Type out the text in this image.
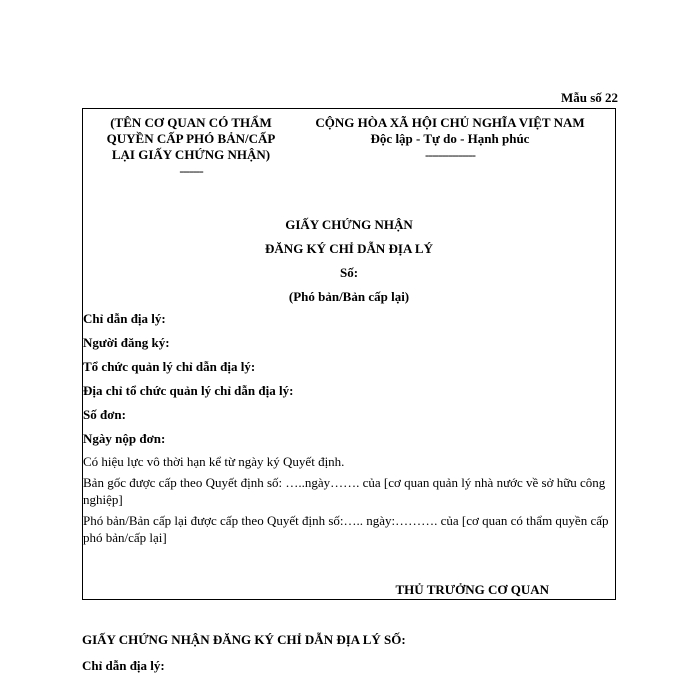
Mẫu số 22
(TÊN CƠ QUAN CÓ THẨM
QUYỀN CẤP PHÓ BẢN/CẤP
LẠI GIẤY CHỨNG NHẬN)
-------
CỘNG HÒA XÃ HỘI CHỦ NGHĨA VIỆT NAM
Độc lập - Tự do - Hạnh phúc
---------------
GIẤY CHỨNG NHẬN
ĐĂNG KÝ CHỈ DẪN ĐỊA LÝ
Số:
(Phó bản/Bản cấp lại)
Chỉ dẫn địa lý:
Người đăng ký:
Tổ chức quản lý chỉ dẫn địa lý:
Địa chỉ tổ chức quản lý chỉ dẫn địa lý:
Số đơn:
Ngày nộp đơn:
Có hiệu lực vô thời hạn kể từ ngày ký Quyết định.
Bản gốc được cấp theo Quyết định số: …..ngày……. của [cơ quan quản lý nhà nước về sở hữu công nghiệp]
Phó bản/Bản cấp lại được cấp theo Quyết định số:….. ngày:………. của [cơ quan có thẩm quyền cấp phó bản/cấp lại]
THỦ TRƯỞNG CƠ QUAN
GIẤY CHỨNG NHẬN ĐĂNG KÝ CHỈ DẪN ĐỊA LÝ SỐ:
Chỉ dẫn địa lý:
